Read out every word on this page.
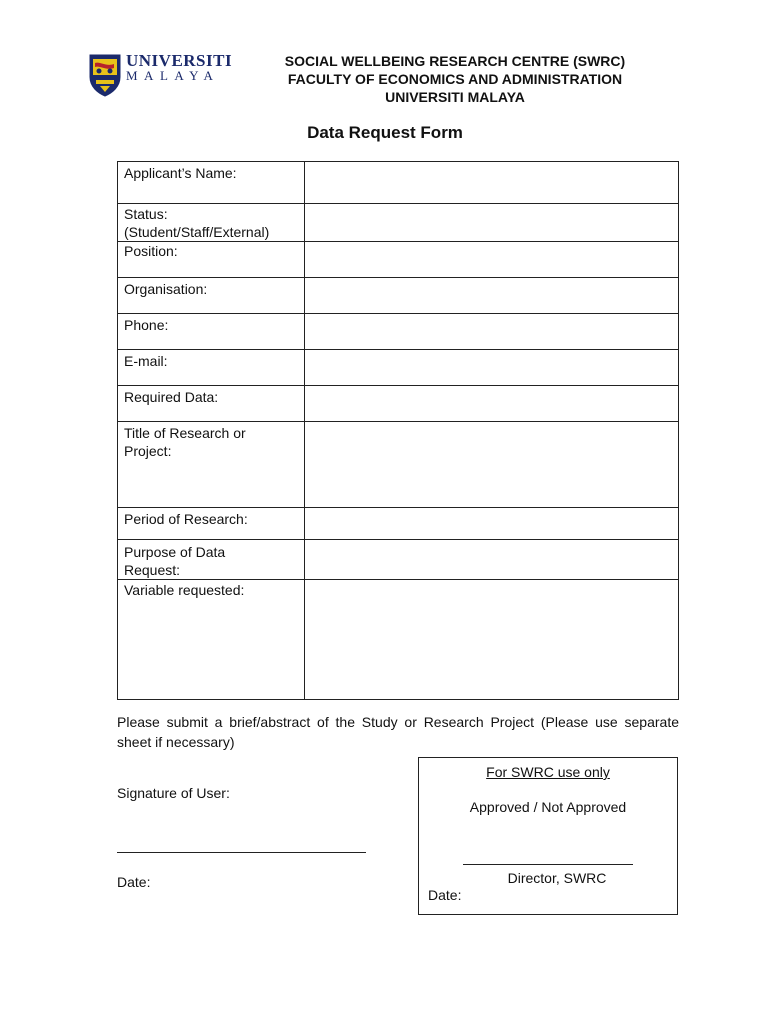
UNIVERSITI
MALAYA
SOCIAL WELLBEING RESEARCH CENTRE (SWRC)
FACULTY OF ECONOMICS AND ADMINISTRATION
UNIVERSITI MALAYA
Data Request Form
Applicant’s Name:	

Status:
(Student/Staff/External)	

Position:	
Organisation:	
Phone:	
E-mail:	
Required Data:	

Title of Research or
Project:	

Period of Research:	

Purpose of Data
Request:	

Variable requested:	
Please submit a brief/abstract of the Study or Research Project (Please use separate sheet if necessary)
Signature of User:
Date:
For SWRC use only
Approved / Not Approved
Director, SWRC
Date:
